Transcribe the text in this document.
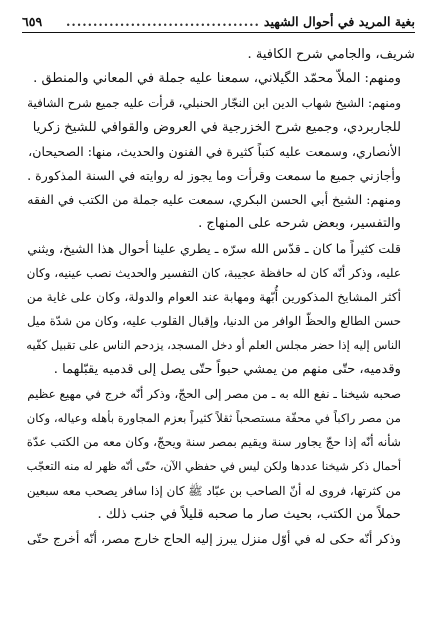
بغية المريد في أحوال الشهيد
....................................
٦٥٩
شريف، والجامي شرح الكافية .
ومنهم: الملاّ محمّد الگيلاني، سمعنا عليه جملة في المعاني والمنطق .
ومنهم: الشيخ شهاب الدين ابن النجّار الحنبلي، قرأت عليه جميع شرح الشافية
للجاربردي، وجميع شرح الخزرجية في العروض والقوافي للشيخ زكريا
الأنصاري، وسمعت عليه كتباً كثيرة في الفنون والحديث، منها: الصحيحان،
وأجازني جميع ما سمعت وقرأت وما يجوز له روايته في السنة المذكورة .
ومنهم: الشيخ أبي الحسن البكري، سمعت عليه جملة من الكتب في الفقه
والتفسير، وبعض شرحه على المنهاج .
قلت كثيراً ما كان ـ قدّس الله سرّه ـ يطري علينا أحوال هذا الشيخ، ويثني
عليه، وذكر أنّه كان له حافظة عجيبة، كان التفسير والحديث نصب عينيه، وكان
أكثر المشايخ المذكورين أُبّهة ومهابة عند العوام والدولة، وكان على غاية من
حسن الطالع والحظّ الوافر من الدنيا، وإقبال القلوب عليه، وكان من شدّة ميل
الناس إليه إذا حضر مجلس العلم أو دخل المسجد، يزدحم الناس على تقبيل كفّيه
وقدميه، حتّى منهم من يمشي حبواً حتّى يصل إلى قدميه يقبّلهما .
صحبه شيخنا ـ نفع الله به ـ من مصر إلى الحجّ، وذكر أنّه خرج في مهيع عظيم
من مصر راكباً في محفّة مستصحباً ثقلاً كثيراً بعزم المجاورة بأهله وعياله، وكان
شأنه أنّه إذا حجّ يجاور سنة ويقيم بمصر سنة ويحجّ، وكان معه من الكتب عدّة
أحمال ذكر شيخنا عددها ولكن ليس في حفظي الآن، حتّى أنّه ظهر له منه التعجّب
من كثرتها، فروى له أنّ الصاحب بن عبّاد ﷺ كان إذا سافر يصحب معه سبعين
حملاً من الكتب، بحيث صار ما صحبه قليلاً في جنب ذلك .
وذكر أنّه حكى له في أوّل منزل يبرز إليه الحاج خارج مصر، أنّه أخرج حتّى
